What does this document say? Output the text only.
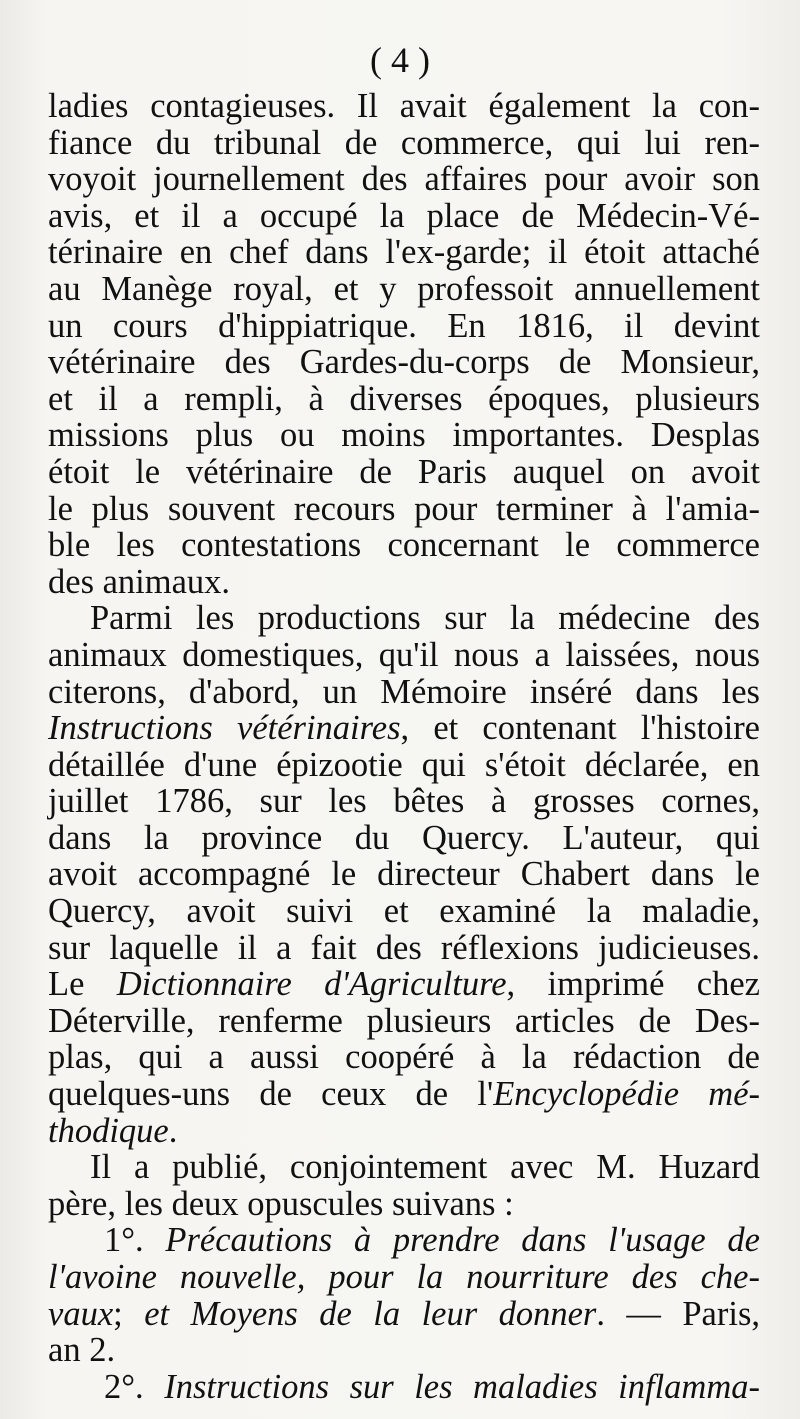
( 4 )
ladies contagieuses. Il avait également la con-
fiance du tribunal de commerce, qui lui ren-
voyoit journellement des affaires pour avoir son
avis, et il a occupé la place de Médecin-Vé-
térinaire en chef dans l'ex-garde; il étoit attaché
au Manège royal, et y professoit annuellement
un cours d'hippiatrique. En 1816, il devint
vétérinaire des Gardes-du-corps de Monsieur,
et il a rempli, à diverses époques, plusieurs
missions plus ou moins importantes. Desplas
étoit le vétérinaire de Paris auquel on avoit
le plus souvent recours pour terminer à l'amia-
ble les contestations concernant le commerce
des animaux.
Parmi les productions sur la médecine des
animaux domestiques, qu'il nous a laissées, nous
citerons, d'abord, un Mémoire inséré dans les
Instructions vétérinaires, et contenant l'histoire
détaillée d'une épizootie qui s'étoit déclarée, en
juillet 1786, sur les bêtes à grosses cornes,
dans la province du Quercy. L'auteur, qui
avoit accompagné le directeur Chabert dans le
Quercy, avoit suivi et examiné la maladie,
sur laquelle il a fait des réflexions judicieuses.
Le Dictionnaire d'Agriculture, imprimé chez
Déterville, renferme plusieurs articles de Des-
plas, qui a aussi coopéré à la rédaction de
quelques-uns de ceux de l'Encyclopédie mé-
thodique.
Il a publié, conjointement avec M. Huzard
père, les deux opuscules suivans :
1°. Précautions à prendre dans l'usage de
l'avoine nouvelle, pour la nourriture des che-
vaux; et Moyens de la leur donner. — Paris,
an 2.
2°. Instructions sur les maladies inflamma-
